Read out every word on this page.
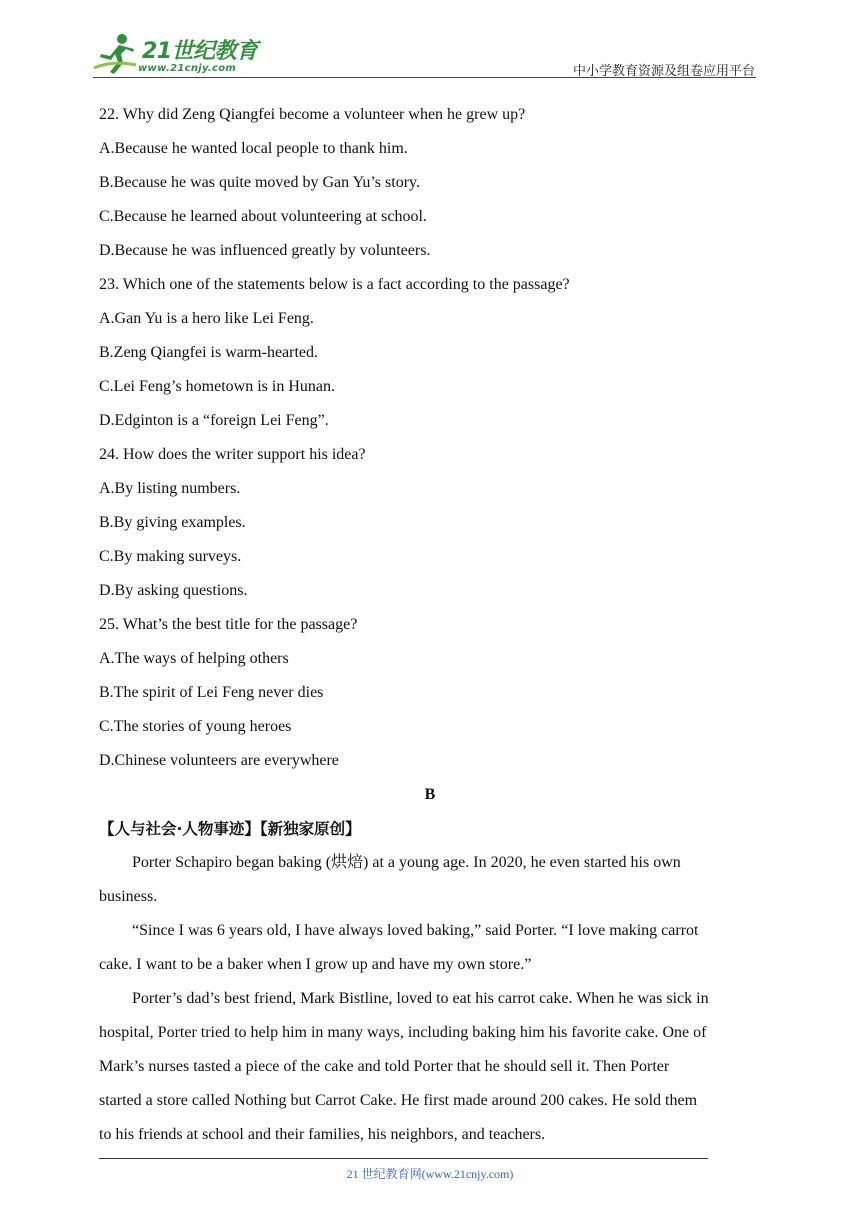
21世纪教育
www.21cnjy.com	中小学教育资源及组卷应用平台
22. Why did Zeng Qiangfei become a volunteer when he grew up?
A.Because he wanted local people to thank him.
B.Because he was quite moved by Gan Yu’s story.
C.Because he learned about volunteering at school.
D.Because he was influenced greatly by volunteers.
23. Which one of the statements below is a fact according to the passage?
A.Gan Yu is a hero like Lei Feng.
B.Zeng Qiangfei is warm-hearted.
C.Lei Feng’s hometown is in Hunan.
D.Edginton is a “foreign Lei Feng”.
24. How does the writer support his idea?
A.By listing numbers.
B.By giving examples.
C.By making surveys.
D.By asking questions.
25. What’s the best title for the passage?
A.The ways of helping others
B.The spirit of Lei Feng never dies
C.The stories of young heroes
D.Chinese volunteers are everywhere
B
【人与社会·人物事迹】【新独家原创】
Porter Schapiro began baking (烘焙) at a young age. In 2020, he even started his own
business.
“Since I was 6 years old, I have always loved baking,” said Porter. “I love making carrot
cake. I want to be a baker when I grow up and have my own store.”
Porter’s dad’s best friend, Mark Bistline, loved to eat his carrot cake. When he was sick in
hospital, Porter tried to help him in many ways, including baking him his favorite cake. One of
Mark’s nurses tasted a piece of the cake and told Porter that he should sell it. Then Porter
started a store called Nothing but Carrot Cake. He first made around 200 cakes. He sold them
to his friends at school and their families, his neighbors, and teachers.
21 世纪教育网(www.21cnjy.com)
